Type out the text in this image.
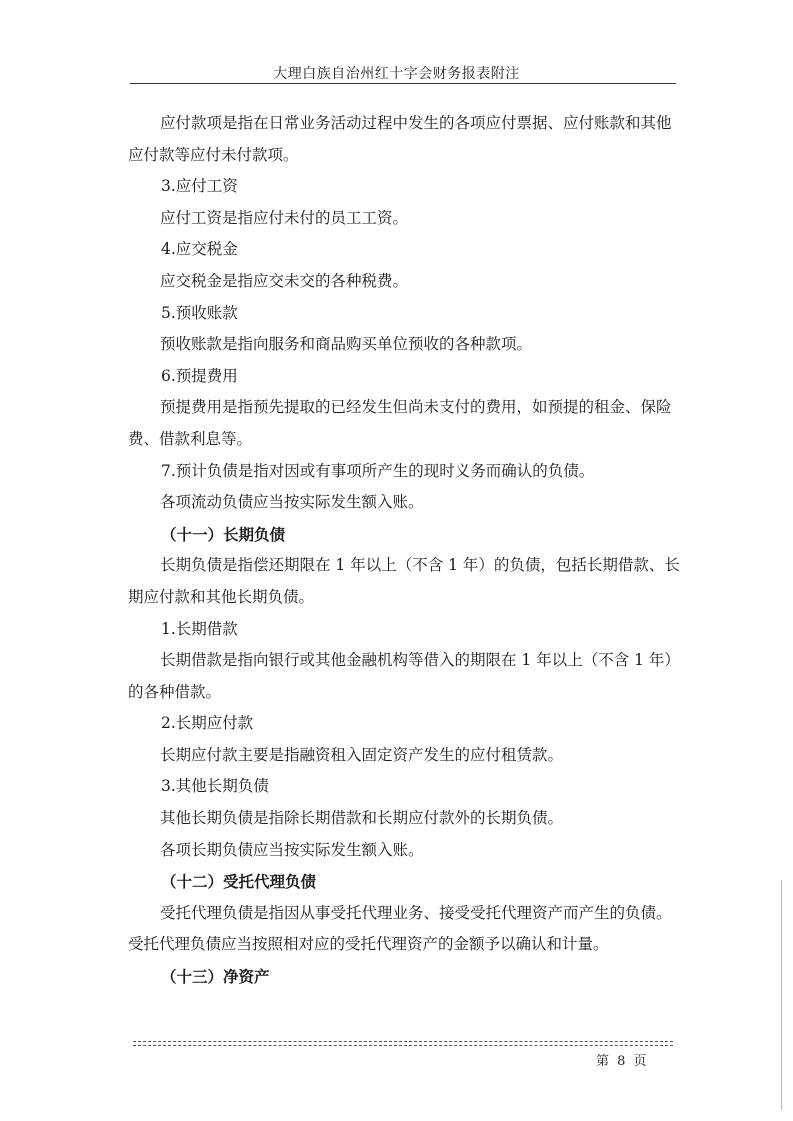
大理白族自治州红十字会财务报表附注
应付款项是指在日常业务活动过程中发生的各项应付票据、应付账款和其他
应付款等应付未付款项。
3.应付工资
应付工资是指应付未付的员工工资。
4.应交税金
应交税金是指应交未交的各种税费。
5.预收账款
预收账款是指向服务和商品购买单位预收的各种款项。
6.预提费用
预提费用是指预先提取的已经发生但尚未支付的费用，如预提的租金、保险
费、借款利息等。
7.预计负债是指对因或有事项所产生的现时义务而确认的负债。
各项流动负债应当按实际发生额入账。
（十一）长期负债
长期负债是指偿还期限在 1 年以上（不含 1 年）的负债，包括长期借款、长
期应付款和其他长期负债。
1.长期借款
长期借款是指向银行或其他金融机构等借入的期限在 1 年以上（不含 1 年）
的各种借款。
2.长期应付款
长期应付款主要是指融资租入固定资产发生的应付租赁款。
3.其他长期负债
其他长期负债是指除长期借款和长期应付款外的长期负债。
各项长期负债应当按实际发生额入账。
（十二）受托代理负债
受托代理负债是指因从事受托代理业务、接受受托代理资产而产生的负债。
受托代理负债应当按照相对应的受托代理资产的金额予以确认和计量。
（十三）净资产
第 8 页
